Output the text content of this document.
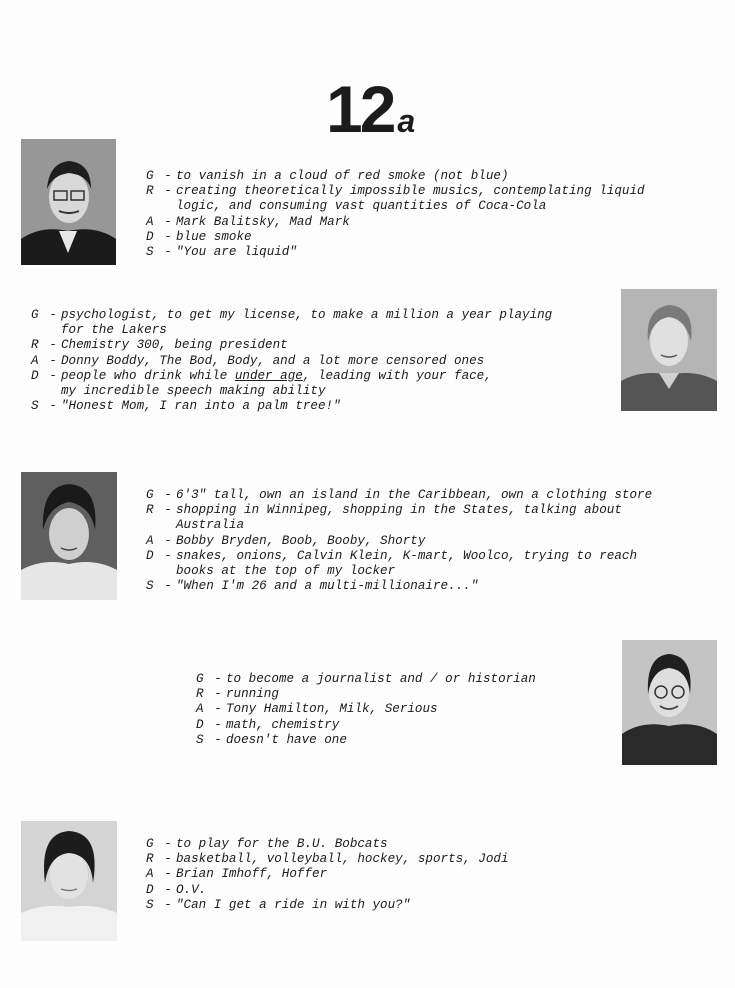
12 a
G - to vanish in a cloud of red smoke (not blue)
R - creating theoretically impossible musics, contemplating liquid
logic, and consuming vast quantities of Coca-Cola
A - Mark Balitsky, Mad Mark
D - blue smoke
S - "You are liquid"
G - psychologist, to get my license, to make a million a year playing
for the Lakers
R - Chemistry 300, being president
A - Donny Boddy, The Bod, Body, and a lot more censored ones
D - people who drink while under age, leading with your face,
my incredible speech making ability
S - "Honest Mom, I ran into a palm tree!"
G - 6'3" tall, own an island in the Caribbean, own a clothing store
R - shopping in Winnipeg, shopping in the States, talking about
Australia
A - Bobby Bryden, Boob, Booby, Shorty
D - snakes, onions, Calvin Klein, K-mart, Woolco, trying to reach
books at the top of my locker
S - "When I'm 26 and a multi-millionaire..."
G - to become a journalist and / or historian
R - running
A - Tony Hamilton, Milk, Serious
D - math, chemistry
S - doesn't have one
G - to play for the B.U. Bobcats
R - basketball, volleyball, hockey, sports, Jodi
A - Brian Imhoff, Hoffer
D - O.V.
S - "Can I get a ride in with you?"
